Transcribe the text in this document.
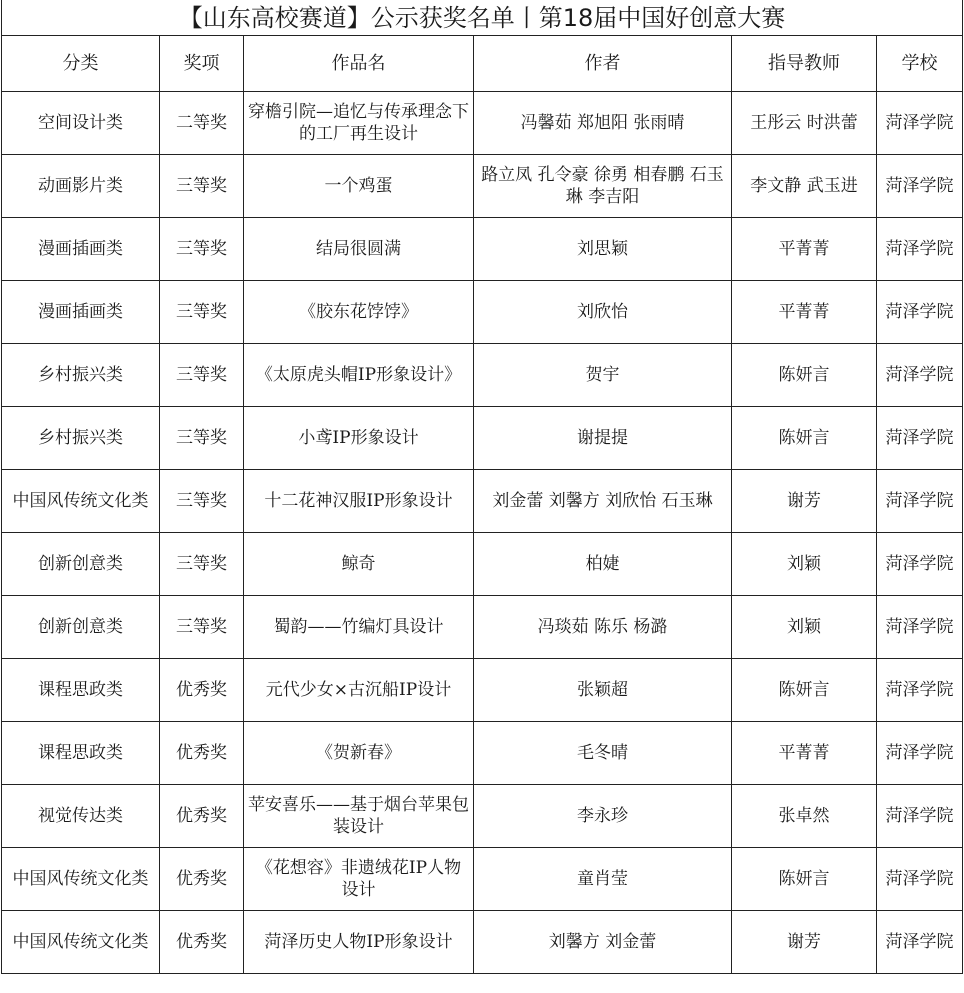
【山东高校赛道】公示获奖名单丨第18届中国好创意大赛					
分类	奖项	作品名	作者	指导教师	学校
空间设计类	二等奖	穿檐引院—追忆与传承理念下的工厂再生设计	冯馨茹 郑旭阳 张雨晴	王彤云 时洪蕾	菏泽学院
动画影片类	三等奖	一个鸡蛋	路立凤 孔令豪 徐勇 相春鹏 石玉琳 李吉阳	李文静 武玉进	菏泽学院
漫画插画类	三等奖	结局很圆满	刘思颖	平菁菁	菏泽学院
漫画插画类	三等奖	《胶东花饽饽》	刘欣怡	平菁菁	菏泽学院
乡村振兴类	三等奖	《太原虎头帽IP形象设计》	贺宇	陈妍言	菏泽学院
乡村振兴类	三等奖	小鸢IP形象设计	谢提提	陈妍言	菏泽学院
中国风传统文化类	三等奖	十二花神汉服IP形象设计	刘金蕾 刘馨方 刘欣怡 石玉琳	谢芳	菏泽学院
创新创意类	三等奖	鲸奇	柏婕	刘颖	菏泽学院
创新创意类	三等奖	蜀韵——竹编灯具设计	冯琰茹 陈乐 杨潞	刘颖	菏泽学院
课程思政类	优秀奖	元代少女×古沉船IP设计	张颖超	陈妍言	菏泽学院
课程思政类	优秀奖	《贺新春》	毛冬晴	平菁菁	菏泽学院
视觉传达类	优秀奖	苹安喜乐——基于烟台苹果包装设计	李永珍	张卓然	菏泽学院
中国风传统文化类	优秀奖	《花想容》非遗绒花IP人物设计	童肖莹	陈妍言	菏泽学院
中国风传统文化类	优秀奖	菏泽历史人物IP形象设计	刘馨方 刘金蕾	谢芳	菏泽学院
